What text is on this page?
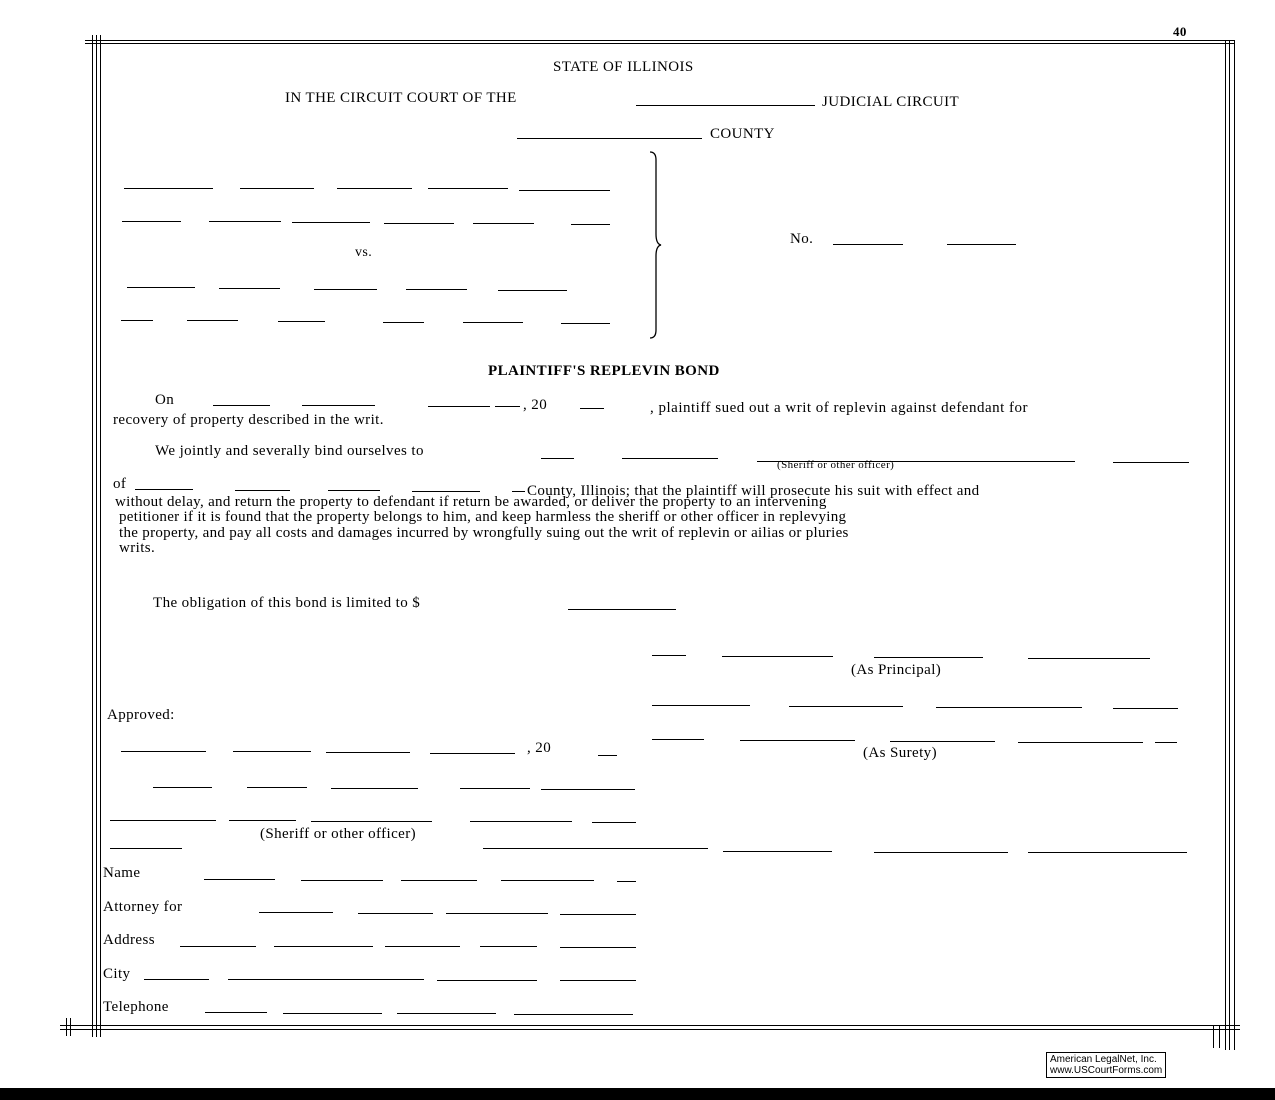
40
STATE OF ILLINOIS
IN THE CIRCUIT COURT OF THE	JUDICIAL CIRCUIT
COUNTY
vs.
No.
PLAINTIFF'S REPLEVIN BOND
On	, 20	, plaintiff sued out a writ of replevin against defendant for
recovery of property described in the writ.
We jointly and severally bind ourselves to
(Sheriff or other officer)
of	County, Illinois; that the plaintiff will prosecute his suit with effect and
without delay, and return the property to defendant if return be awarded, or deliver the property to an intervening
petitioner if it is found that the property belongs to him, and keep harmless the sheriff or other officer in replevying
the property, and pay all costs and damages incurred by wrongfully suing out the writ of replevin or ailias or pluries
writs.
The obligation of this bond is limited to $
(As Principal)
Approved:
, 20	(As Surety)
(Sheriff or other officer)
Name
Attorney for
Address
City
Telephone
American LegalNet, Inc.
www.USCourtForms.com
